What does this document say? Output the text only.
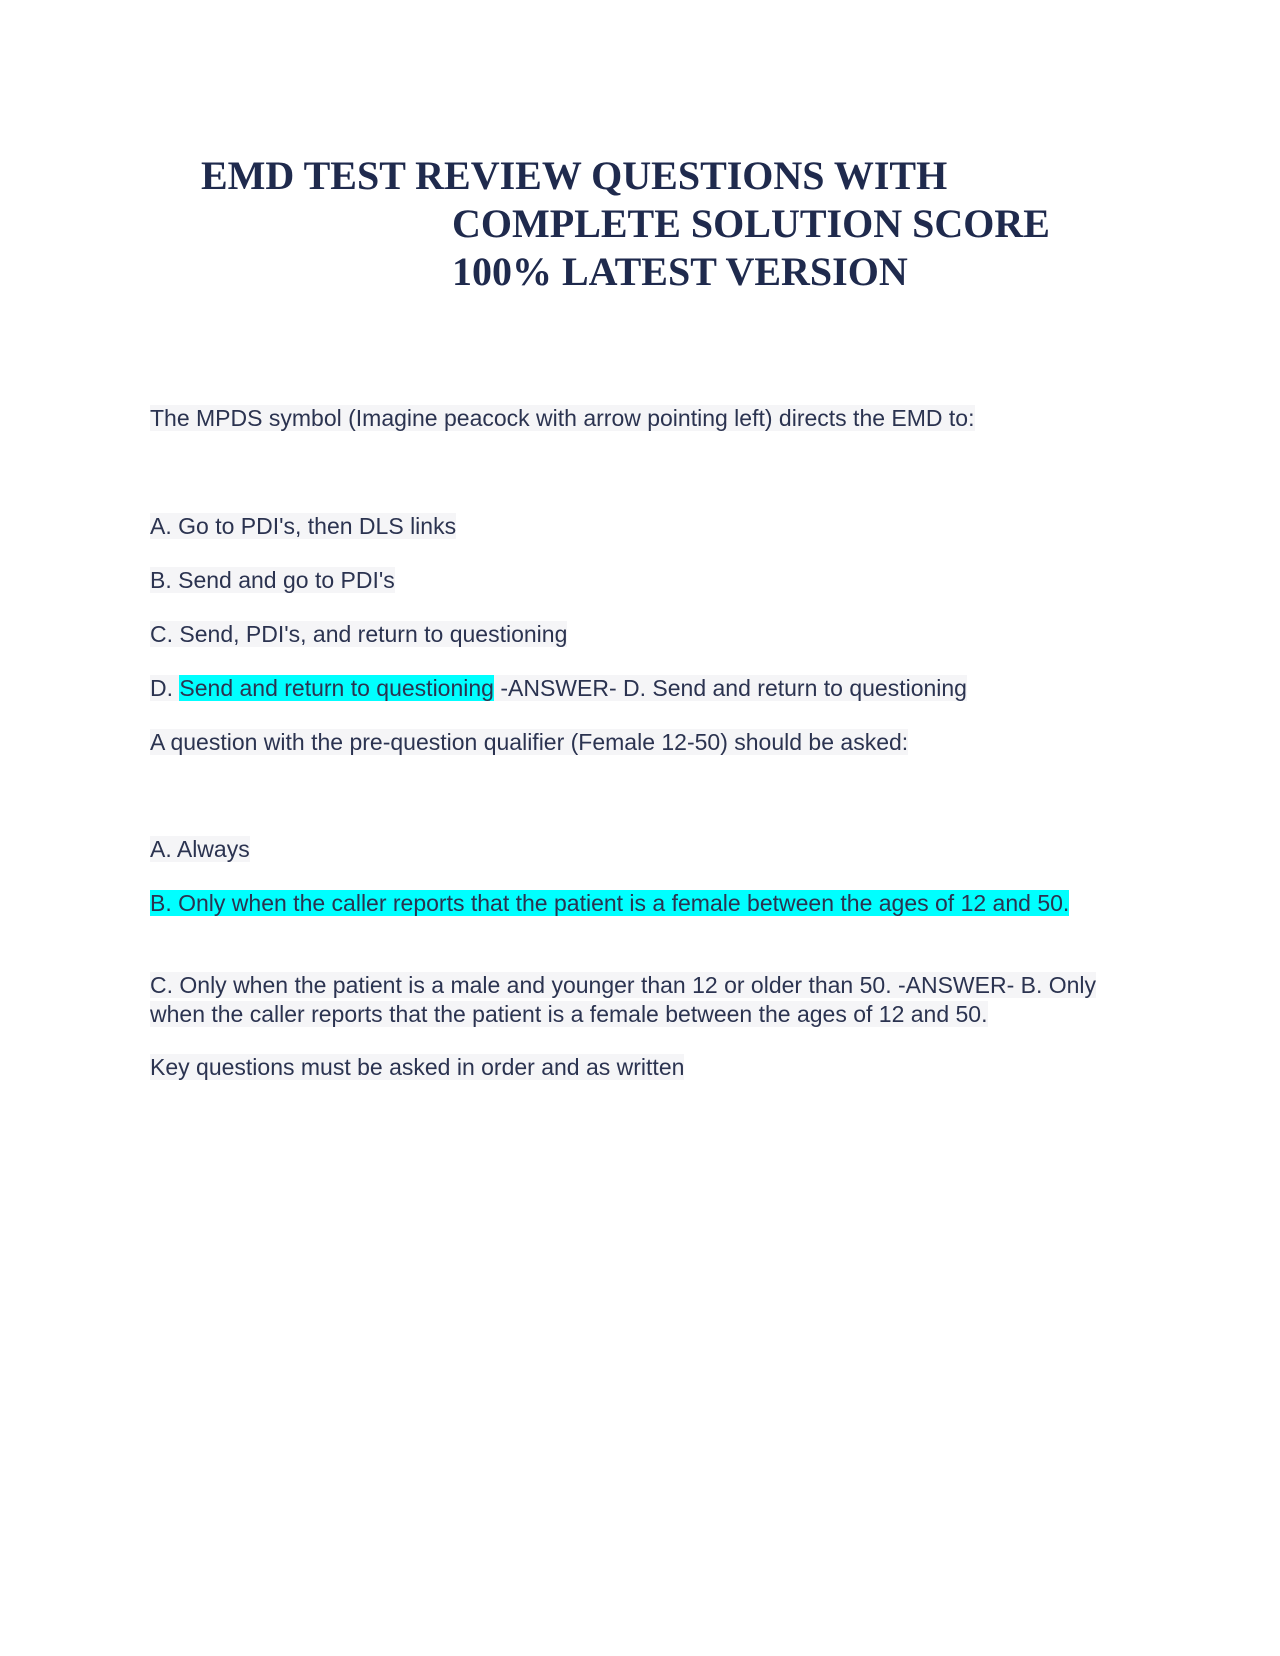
EMD TEST REVIEW QUESTIONS WITH
COMPLETE SOLUTION SCORE
100% LATEST VERSION
The MPDS symbol (Imagine peacock with arrow pointing left) directs the EMD to:
A. Go to PDI's, then DLS links
B. Send and go to PDI's
C. Send, PDI's, and return to questioning
D. Send and return to questioning -ANSWER- D. Send and return to questioning
A question with the pre-question qualifier (Female 12-50) should be asked:
A. Always
B. Only when the caller reports that the patient is a female between the ages of 12 and 50.
C. Only when the patient is a male and younger than 12 or older than 50. -ANSWER- B. Only when the caller reports that the patient is a female between the ages of 12 and 50.
Key questions must be asked in order and as written
